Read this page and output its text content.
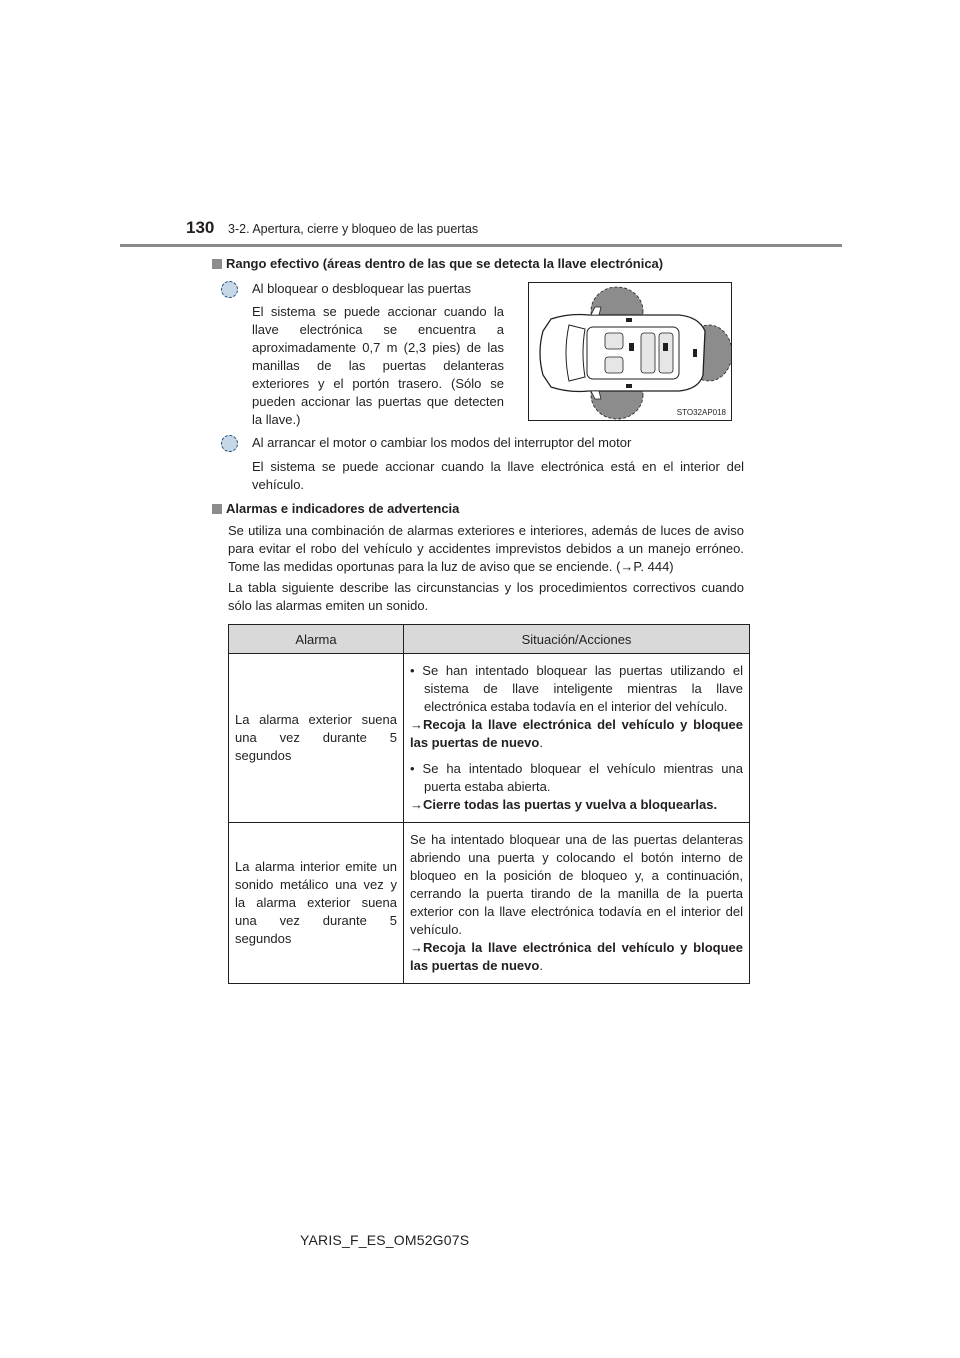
130 3-2. Apertura, cierre y bloqueo de las puertas
Rango efectivo (áreas dentro de las que se detecta la llave electrónica)
Al bloquear o desbloquear las puertas
El sistema se puede accionar cuando la llave electrónica se encuentra a aproximadamente 0,7 m (2,3 pies) de las manillas de las puertas delanteras exteriores y el portón trasero. (Sólo se pueden accionar las puertas que detecten la llave.)	STO32AP018
Al arrancar el motor o cambiar los modos del interruptor del motor
El sistema se puede accionar cuando la llave electrónica está en el interior del vehículo.
Alarmas e indicadores de advertencia
Se utiliza una combinación de alarmas exteriores e interiores, además de luces de aviso para evitar el robo del vehículo y accidentes imprevistos debidos a un manejo erróneo. Tome las medidas oportunas para la luz de aviso que se enciende. (→P. 444)
La tabla siguiente describe las circunstancias y los procedimientos correctivos cuando sólo las alarmas emiten un sonido.
Alarma	Situación/Acciones
La alarma exterior suena una vez durante 5 segundos	• Se han intentado bloquear las puertas utilizando el sistema de llave inteligente mientras la llave electrónica estaba todavía en el interior del vehículo.

→Recoja la llave electrónica del vehículo y bloquee las puertas de nuevo.

• Se ha intentado bloquear el vehículo mientras una puerta estaba abierta.

→Cierre todas las puertas y vuelva a bloquearlas.

La alarma interior emite un sonido metálico una vez y la alarma exterior suena una vez durante 5 segundos	Se ha intentado bloquear una de las puertas delanteras abriendo una puerta y colocando el botón interno de bloqueo en la posición de bloqueo y, a continuación, cerrando la puerta tirando de la manilla de la puerta exterior con la llave electrónica todavía en el interior del vehículo.

→Recoja la llave electrónica del vehículo y bloquee las puertas de nuevo.

YARIS_F_ES_OM52G07S
